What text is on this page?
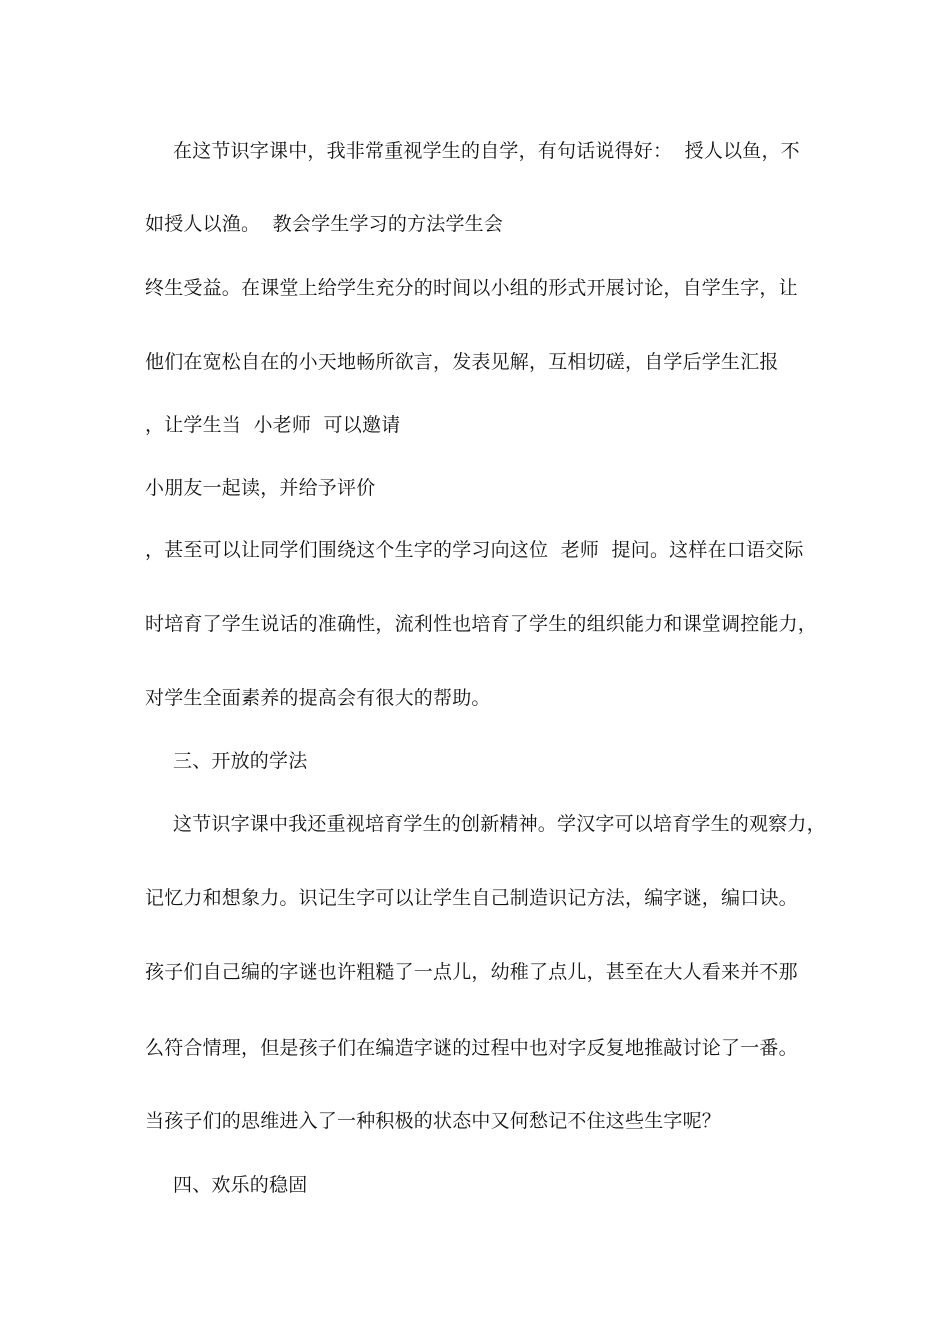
在这节识字课中，我非常重视学生的自学，有句话说得好：  授人以鱼，不
如授人以渔。  教会学生学习的方法学生会
终生受益。在课堂上给学生充分的时间以小组的形式开展讨论，自学生字，让
他们在宽松自在的小天地畅所欲言，发表见解，互相切磋，自学后学生汇报
，让学生当  小老师  可以邀请
小朋友一起读，并给予评价
，甚至可以让同学们围绕这个生字的学习向这位  老师  提问。这样在口语交际
时培育了学生说话的准确性，流利性也培育了学生的组织能力和课堂调控能力，
对学生全面素养的提高会有很大的帮助。
三、开放的学法
这节识字课中我还重视培育学生的创新精神。学汉字可以培育学生的观察力，
记忆力和想象力。识记生字可以让学生自己制造识记方法，编字谜，编口诀。
孩子们自己编的字谜也许粗糙了一点儿，幼稚了点儿，甚至在大人看来并不那
么符合情理，但是孩子们在编造字谜的过程中也对字反复地推敲讨论了一番。
当孩子们的思维进入了一种积极的状态中又何愁记不住这些生字呢？
四、欢乐的稳固
